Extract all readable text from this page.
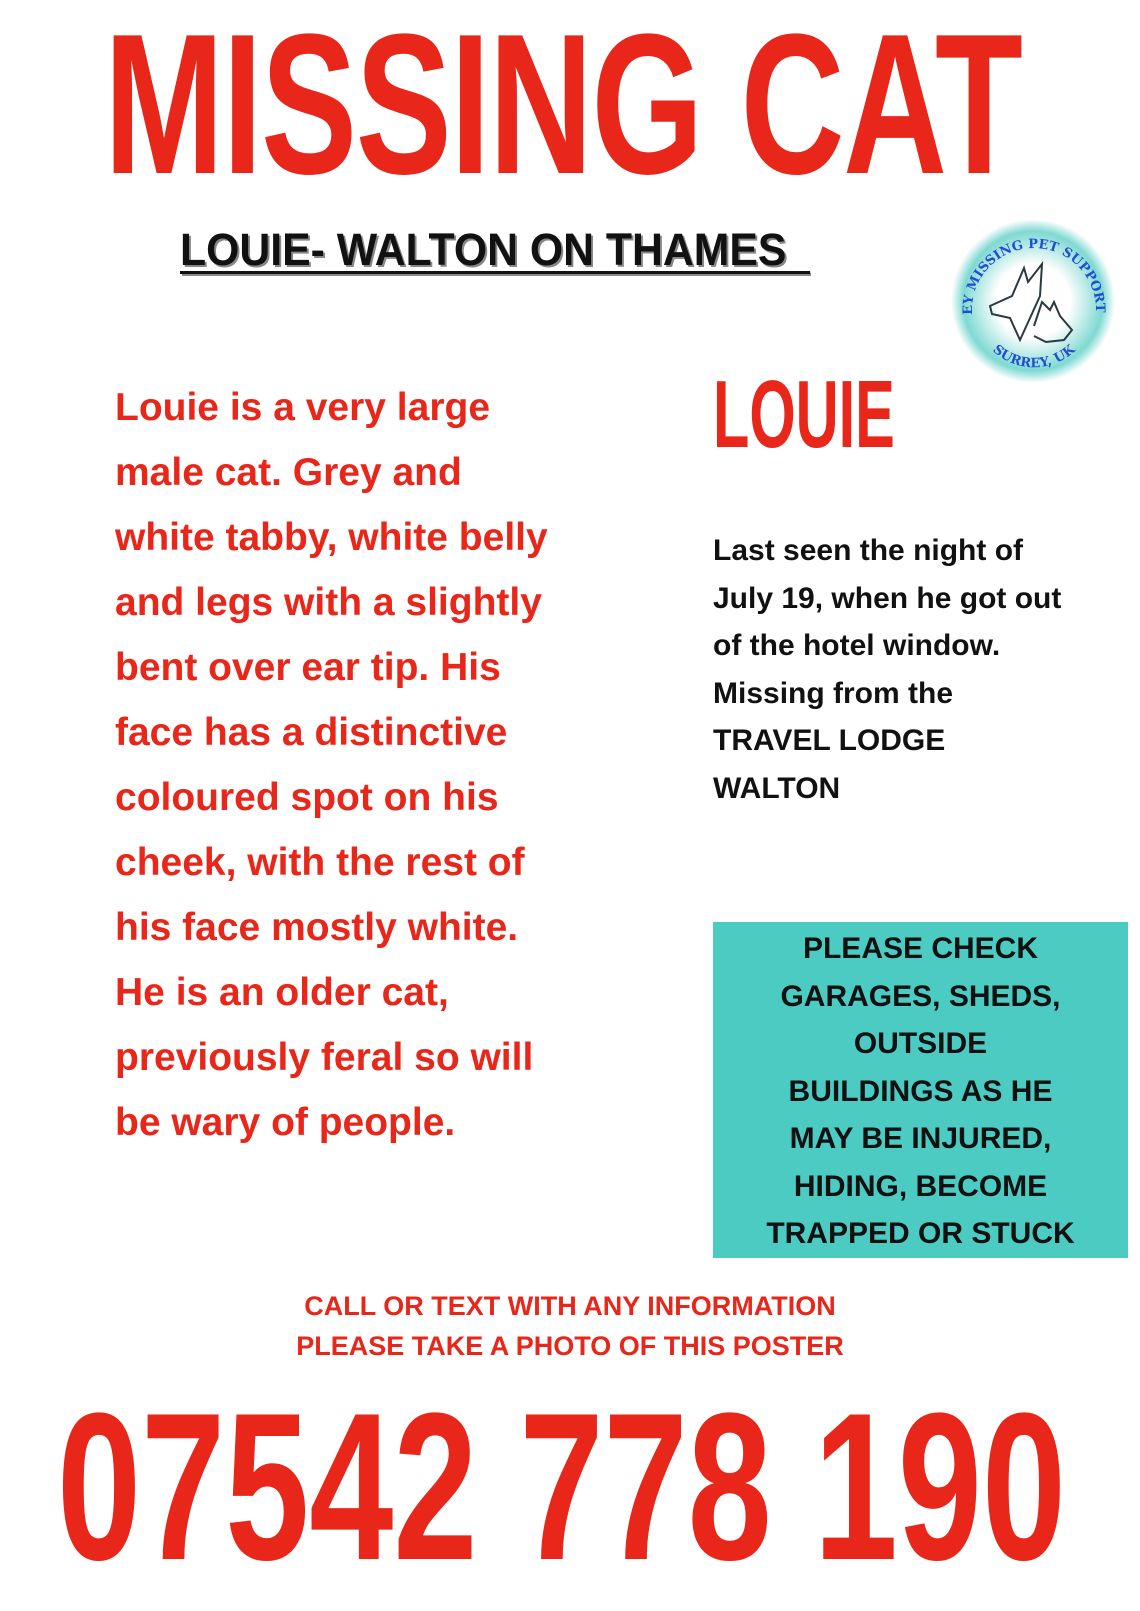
MISSING CAT
LOUIE- WALTON ON THAMES
EY MISSING PET SUPPORT
SURREY, UK
Louie is a very large
male cat. Grey and
white tabby, white belly
and legs with a slightly
bent over ear tip. His
face has a distinctive
coloured spot on his
cheek, with the rest of
his face mostly white.
He is an older cat,
previously feral so will
be wary of people.
LOUIE
Last seen the night of
July 19, when he got out
of the hotel window.
Missing from the
TRAVEL LODGE
WALTON
PLEASE CHECK
GARAGES, SHEDS,
OUTSIDE
BUILDINGS AS HE
MAY BE INJURED,
HIDING, BECOME
TRAPPED OR STUCK
CALL OR TEXT WITH ANY INFORMATION
PLEASE TAKE A PHOTO OF THIS POSTER
07542 778 190
